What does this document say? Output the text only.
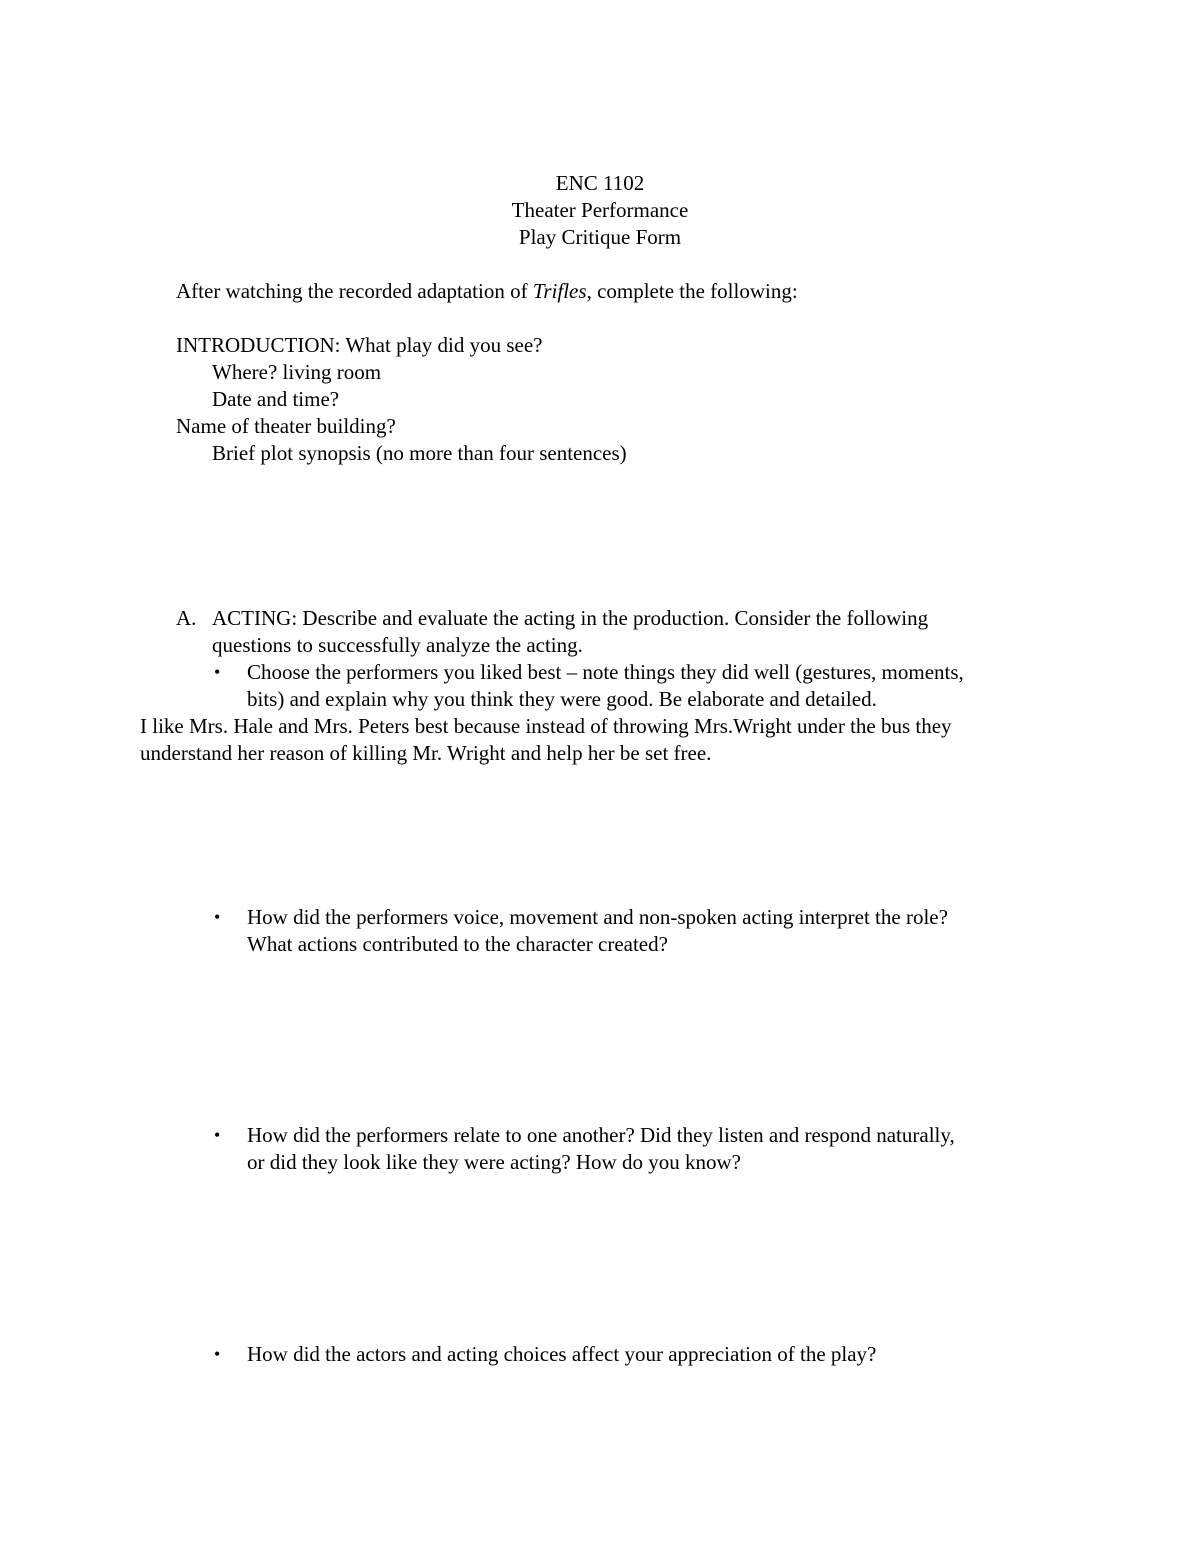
ENC 1102
Theater Performance
Play Critique Form
After watching the recorded adaptation of Trifles, complete the following:
INTRODUCTION: What play did you see?
Where? living room
Date and time?
Name of theater building?
Brief plot synopsis (no more than four sentences)
A. ACTING: Describe and evaluate the acting in the production. Consider the following
questions to successfully analyze the acting.
• Choose the performers you liked best – note things they did well (gestures, moments,
bits) and explain why you think they were good. Be elaborate and detailed.
I like Mrs. Hale and Mrs. Peters best because instead of throwing Mrs.Wright under the bus they
understand her reason of killing Mr. Wright and help her be set free.
• How did the performers voice, movement and non-spoken acting interpret the role?
What actions contributed to the character created?
• How did the performers relate to one another? Did they listen and respond naturally,
or did they look like they were acting? How do you know?
• How did the actors and acting choices affect your appreciation of the play?
